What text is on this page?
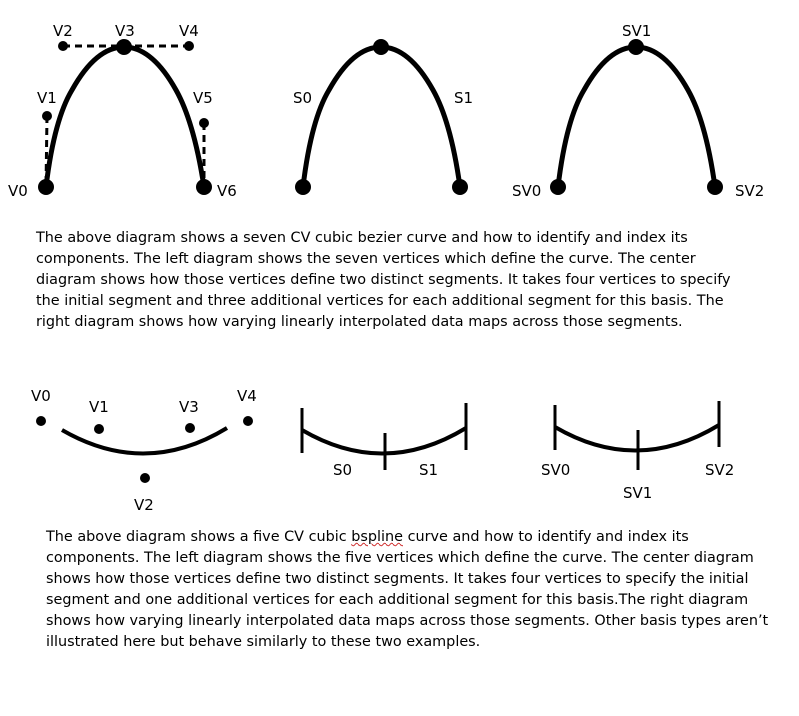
V0
V1
V2	V3	V4
V5
V6
S0	S1
SV0
SV1
SV2
V0
V1
V2
V3
V4
S0	S1	SV0
SV1
SV2

The above diagram shows a seven CV cubic bezier curve and how to identify and index its components. The left diagram shows the seven vertices which define the curve. The center diagram shows how those vertices define two distinct segments. It takes four vertices to specify the initial segment and three additional vertices for each additional segment for this basis. The right diagram shows how varying linearly interpolated data maps across those segments.

The above diagram shows a five CV cubic bspline curve and how to identify and index its components. The left diagram shows the five vertices which define the curve. The center diagram shows how those vertices define two distinct segments. It takes four vertices to specify the initial segment and one additional vertices for each additional segment for this basis.The right diagram shows how varying linearly interpolated data maps across those segments. Other basis types aren’t illustrated here but behave similarly to these two examples.
